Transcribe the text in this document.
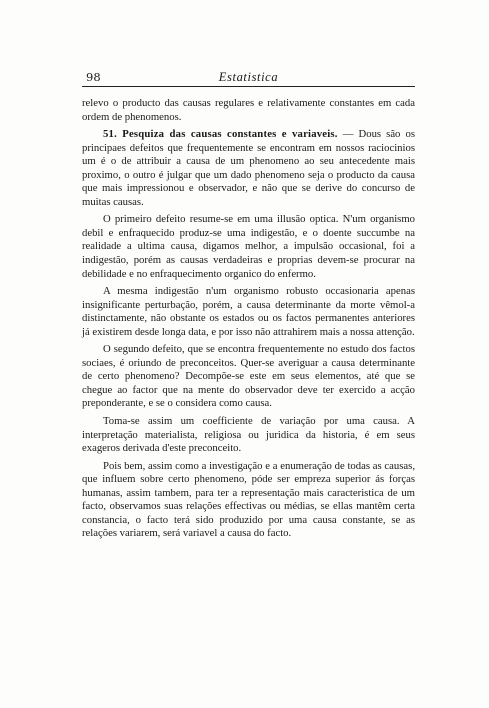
98	Estatistica

relevo o producto das causas regulares e relativamente constantes em cada ordem de phenomenos.

51. Pesquiza das causas constantes e variaveis. — Dous são os principaes defeitos que frequentemente se encontram em nossos raciocinios um é o de attribuir a causa de um phenomeno ao seu antecedente mais proximo, o outro é julgar que um dado phenomeno seja o producto da causa que mais impressionou e observador, e não que se derive do concurso de muitas causas.

O primeiro defeito resume-se em uma illusão optica. N'um organismo debil e enfraquecido produz-se uma indigestão, e o doente succumbe na realidade a ultima causa, digamos melhor, a impulsão occasional, foi a indigestão, porém as causas verdadeiras e proprias devem-se procurar na debilidade e no enfraquecimento organico do enfermo.

A mesma indigestão n'um organismo robusto occasionaria apenas insignificante perturbação, porém, a causa determinante da morte vêmol-a distinctamente, não obstante os estados ou os factos permanentes anteriores já existirem desde longa data, e por isso não attrahirem mais a nossa attenção.

O segundo defeito, que se encontra frequentemente no estudo dos factos sociaes, é oriundo de preconceitos. Quer-se averiguar a causa determinante de certo phenomeno? Decompõe-se este em seus elementos, até que se chegue ao factor que na mente do observador deve ter exercido a acção preponderante, e se o considera como causa.

Toma-se assim um coefficiente de variação por uma causa. A interpretação materialista, religiosa ou juridica da historia, é em seus exageros derivada d'este preconceito.

Pois bem, assim como a investigação e a enumeração de todas as causas, que influem sobre certo phenomeno, póde ser empreza superior ás forças humanas, assim tambem, para ter a representação mais caracteristica de um facto, observamos suas relações effectivas ou médias, se ellas mantêm certa constancia, o facto terá sido produzido por uma causa constante, se as relações variarem, será variavel a causa do facto.
